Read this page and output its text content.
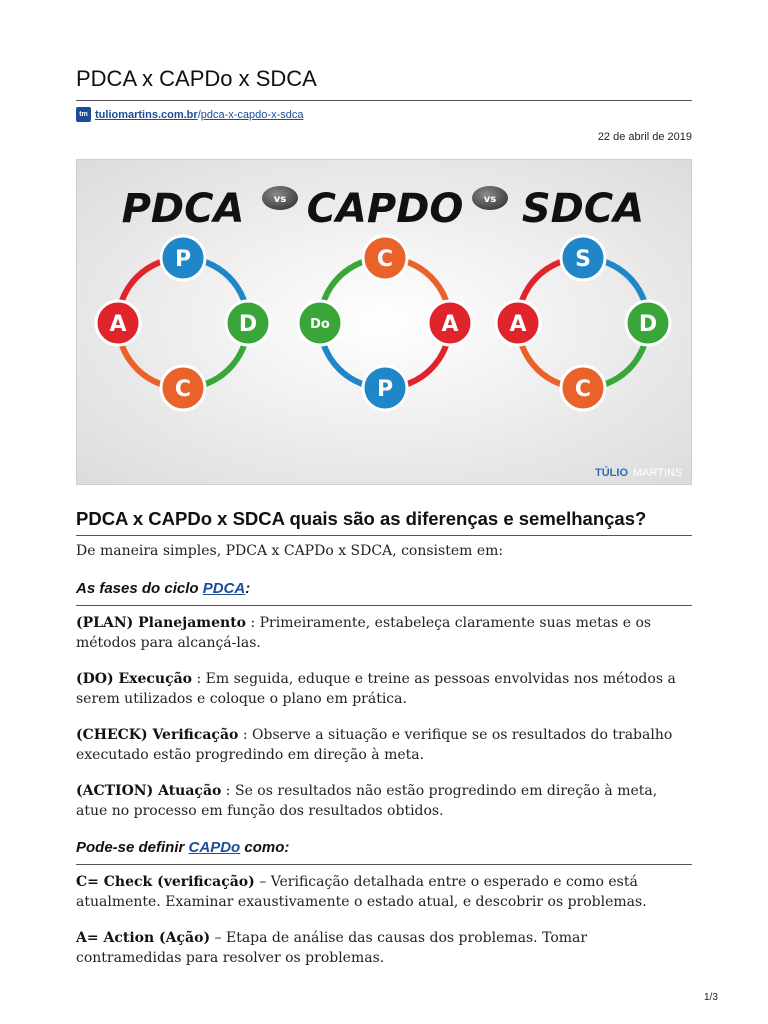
PDCA x CAPDo x SDCA
tm tuliomartins.com.br/pdca-x-capdo-x-sdca
22 de abril de 2019
PDCA CAPDO SDCA
vs	vs
P
D
C
A
C
A
P
Do
S
D
C
A
TÚLIO MARTINS
PDCA x CAPDo x SDCA quais são as diferenças e semelhanças?
De maneira simples, PDCA x CAPDo x SDCA, consistem em:
As fases do ciclo PDCA:

(PLAN) Planejamento : Primeiramente, estabeleça claramente suas metas e os métodos para alcançá-las.

(DO) Execução : Em seguida, eduque e treine as pessoas envolvidas nos métodos a serem utilizados e coloque o plano em prática.

(CHECK) Verificação : Observe a situação e verifique se os resultados do trabalho executado estão progredindo em direção à meta.

(ACTION) Atuação : Se os resultados não estão progredindo em direção à meta, atue no processo em função dos resultados obtidos.

Pode-se definir CAPDo como:

C= Check (verificação) – Verificação detalhada entre o esperado e como está atualmente. Examinar exaustivamente o estado atual, e descobrir os problemas.

A= Action (Ação) – Etapa de análise das causas dos problemas. Tomar contramedidas para resolver os problemas.

1/3
